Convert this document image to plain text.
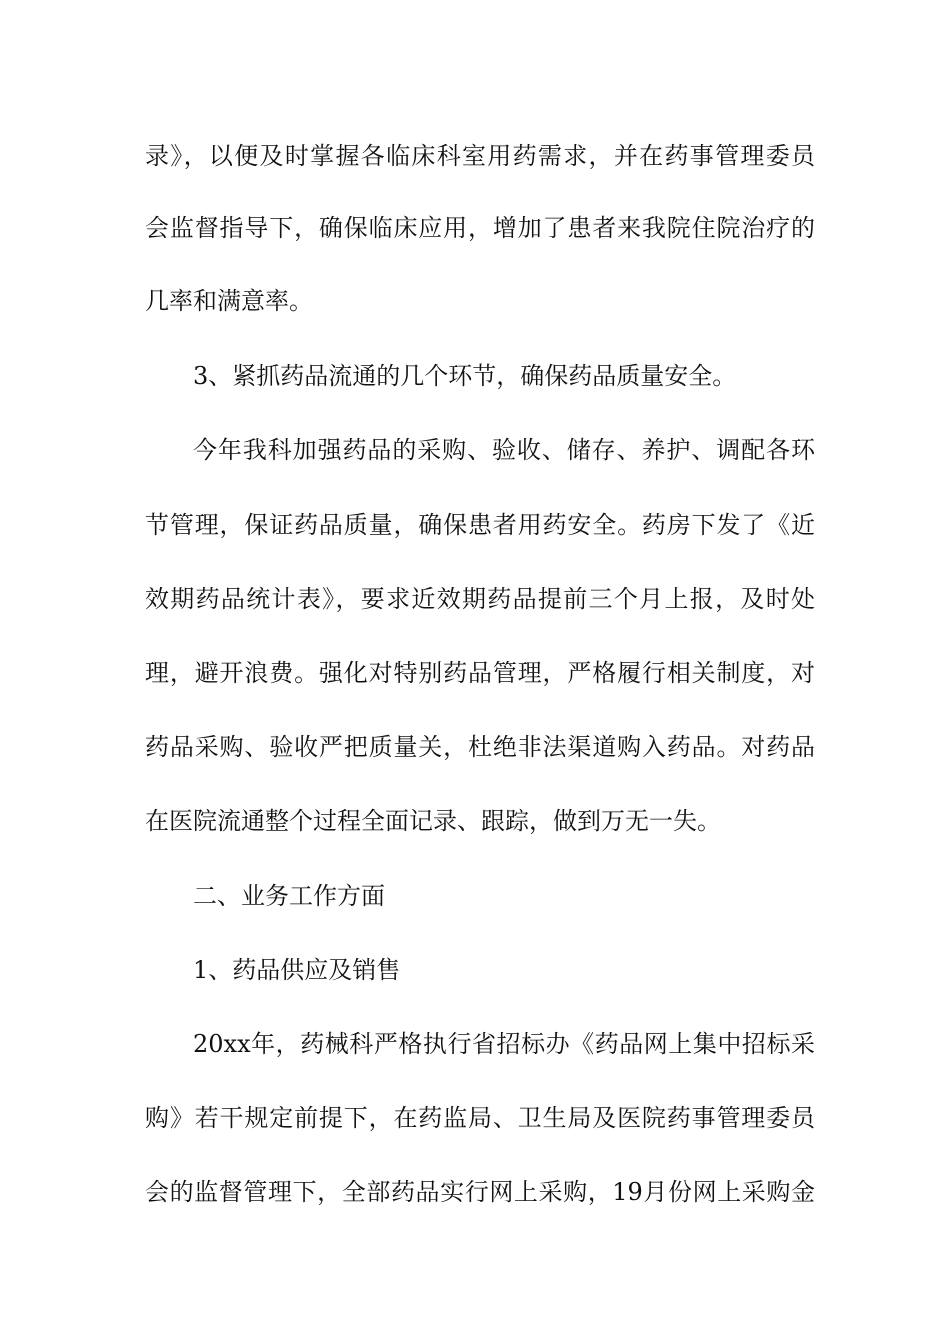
录》，以便及时掌握各临床科室用药需求，并在药事管理委员
会监督指导下，确保临床应用，增加了患者来我院住院治疗的
几率和满意率。
3、紧抓药品流通的几个环节，确保药品质量安全。
今年我科加强药品的采购、验收、储存、养护、调配各环
节管理，保证药品质量，确保患者用药安全。药房下发了《近
效期药品统计表》，要求近效期药品提前三个月上报，及时处
理，避开浪费。强化对特别药品管理，严格履行相关制度，对
药品采购、验收严把质量关，杜绝非法渠道购入药品。对药品
在医院流通整个过程全面记录、跟踪，做到万无一失。
二、业务工作方面
1、药品供应及销售
20xx年，药械科严格执行省招标办《药品网上集中招标采
购》若干规定前提下，在药监局、卫生局及医院药事管理委员
会的监督管理下，全部药品实行网上采购，19月份网上采购金
